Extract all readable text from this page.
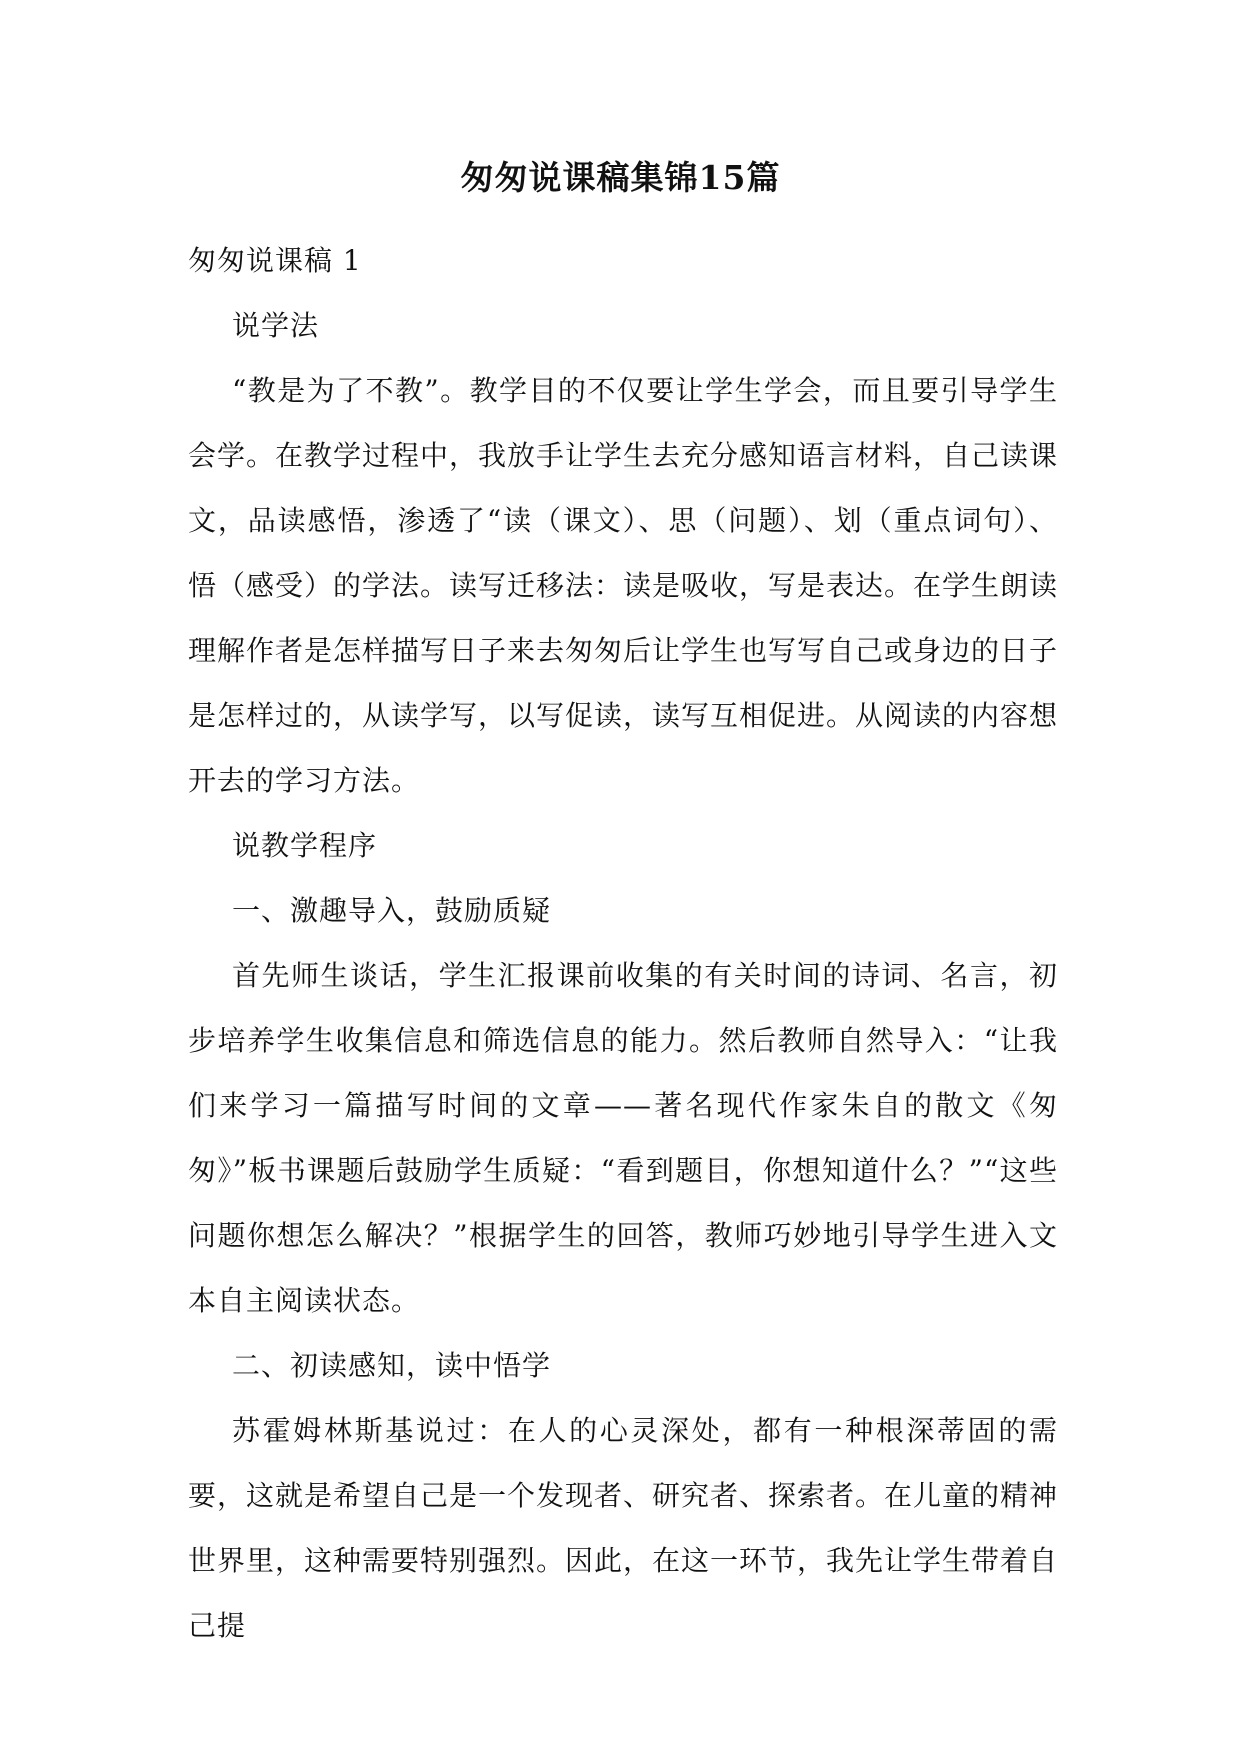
匆匆说课稿集锦15篇

匆匆说课稿 1

说学法

“教是为了不教”。教学目的不仅要让学生学会，而且要引导学生会学。在教学过程中，我放手让学生去充分感知语言材料，自己读课文，品读感悟，渗透了“读（课文）、思（问题）、划（重点词句）、悟（感受）的学法。读写迁移法：读是吸收，写是表达。在学生朗读理解作者是怎样描写日子来去匆匆后让学生也写写自己或身边的日子是怎样过的，从读学写，以写促读，读写互相促进。从阅读的内容想开去的学习方法。

说教学程序

一、激趣导入，鼓励质疑

首先师生谈话，学生汇报课前收集的有关时间的诗词、名言，初步培养学生收集信息和筛选信息的能力。然后教师自然导入：“让我们来学习一篇描写时间的文章——著名现代作家朱自的散文《匆匆》”板书课题后鼓励学生质疑：“看到题目，你想知道什么？”“这些问题你想怎么解决？”根据学生的回答，教师巧妙地引导学生进入文本自主阅读状态。

二、初读感知，读中悟学

苏霍姆林斯基说过：在人的心灵深处，都有一种根深蒂固的需要，这就是希望自己是一个发现者、研究者、探索者。在儿童的精神世界里，这种需要特别强烈。因此，在这一环节，我先让学生带着自己提
